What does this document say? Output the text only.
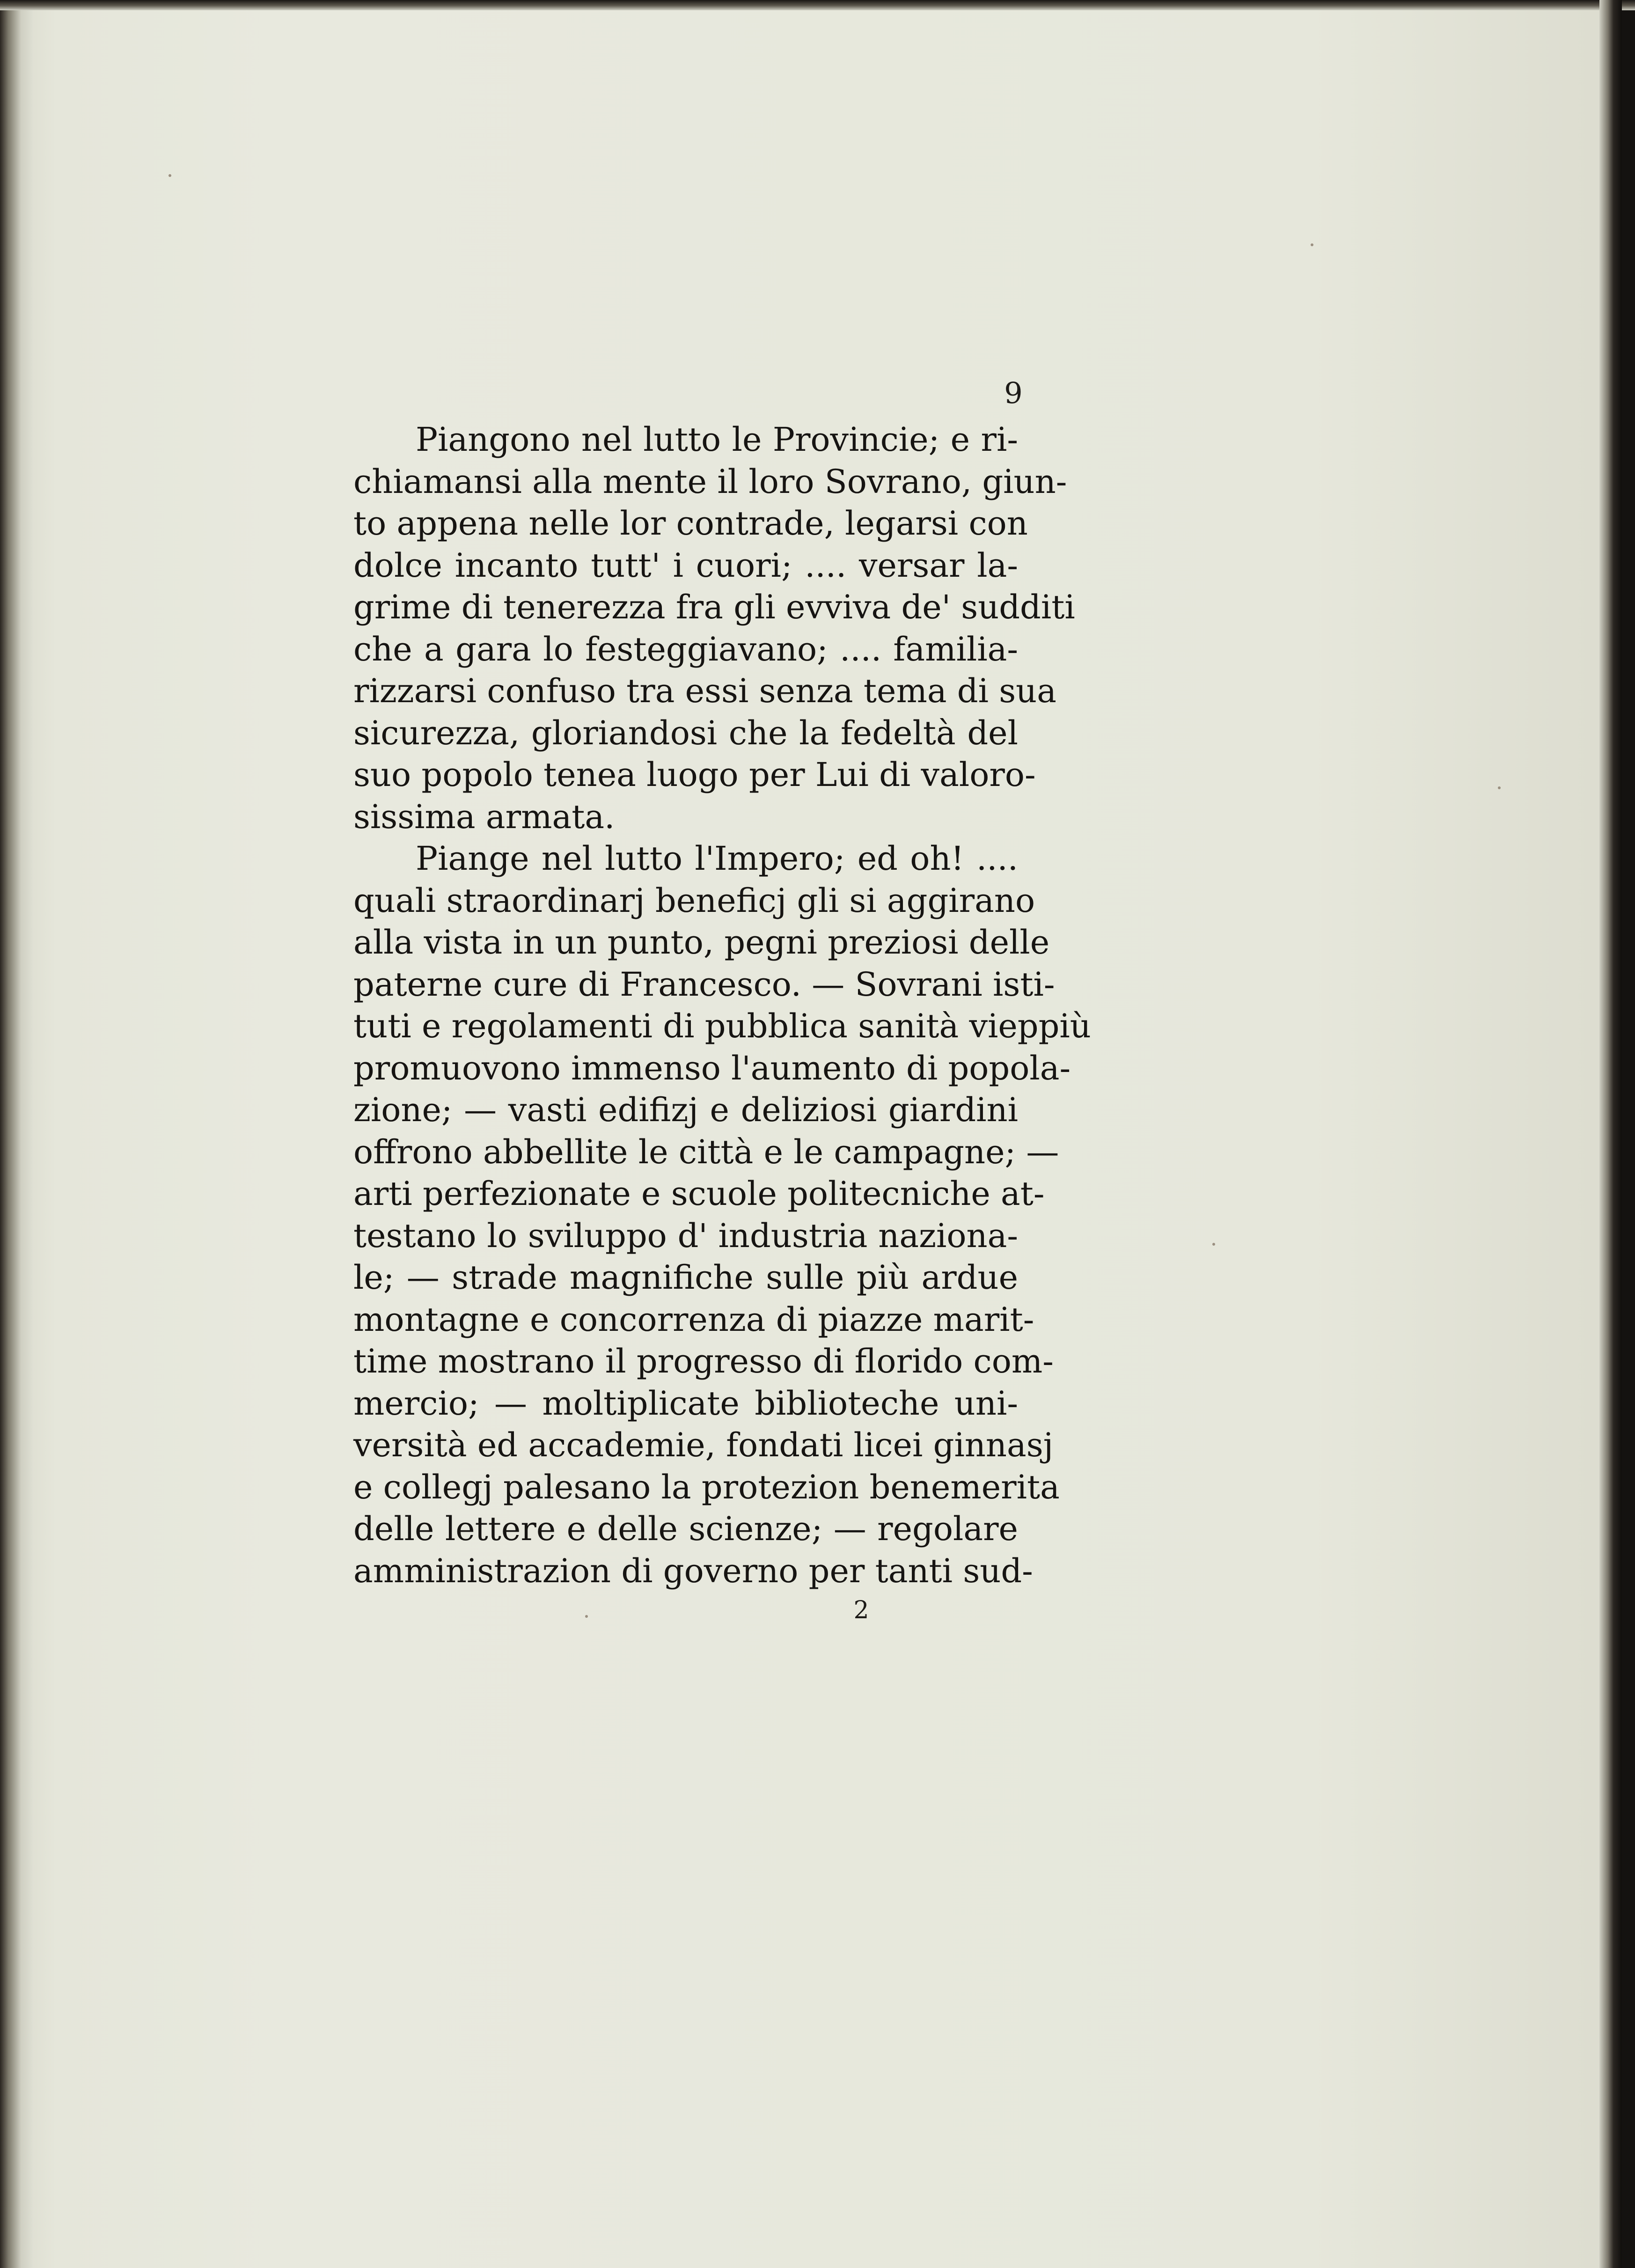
9
Piangono nel lutto le Provincie; e ri-
chiamansi alla mente il loro Sovrano, giun-
to appena nelle lor contrade, legarsi con
dolce incanto tutt' i cuori; .... versar la-
grime di tenerezza fra gli evviva de' sudditi
che a gara lo festeggiavano; .... familia-
rizzarsi confuso tra essi senza tema di sua
sicurezza, gloriandosi che la fedeltà del
suo popolo tenea luogo per Lui di valoro-
sissima armata.
Piange nel lutto l'Impero; ed oh! ....
quali straordinarj beneficj gli si aggirano
alla vista in un punto, pegni preziosi delle
paterne cure di Francesco. — Sovrani isti-
tuti e regolamenti di pubblica sanità vieppiù
promuovono immenso l'aumento di popola-
zione; — vasti edifizj e deliziosi giardini
offrono abbellite le città e le campagne; —
arti perfezionate e scuole politecniche at-
testano lo sviluppo d' industria naziona-
le; — strade magnifiche sulle più ardue
montagne e concorrenza di piazze marit-
time mostrano il progresso di florido com-
mercio; — moltiplicate biblioteche uni-
versità ed accademie, fondati licei ginnasj
e collegj palesano la protezion benemerita
delle lettere e delle scienze; — regolare
amministrazion di governo per tanti sud-
2
